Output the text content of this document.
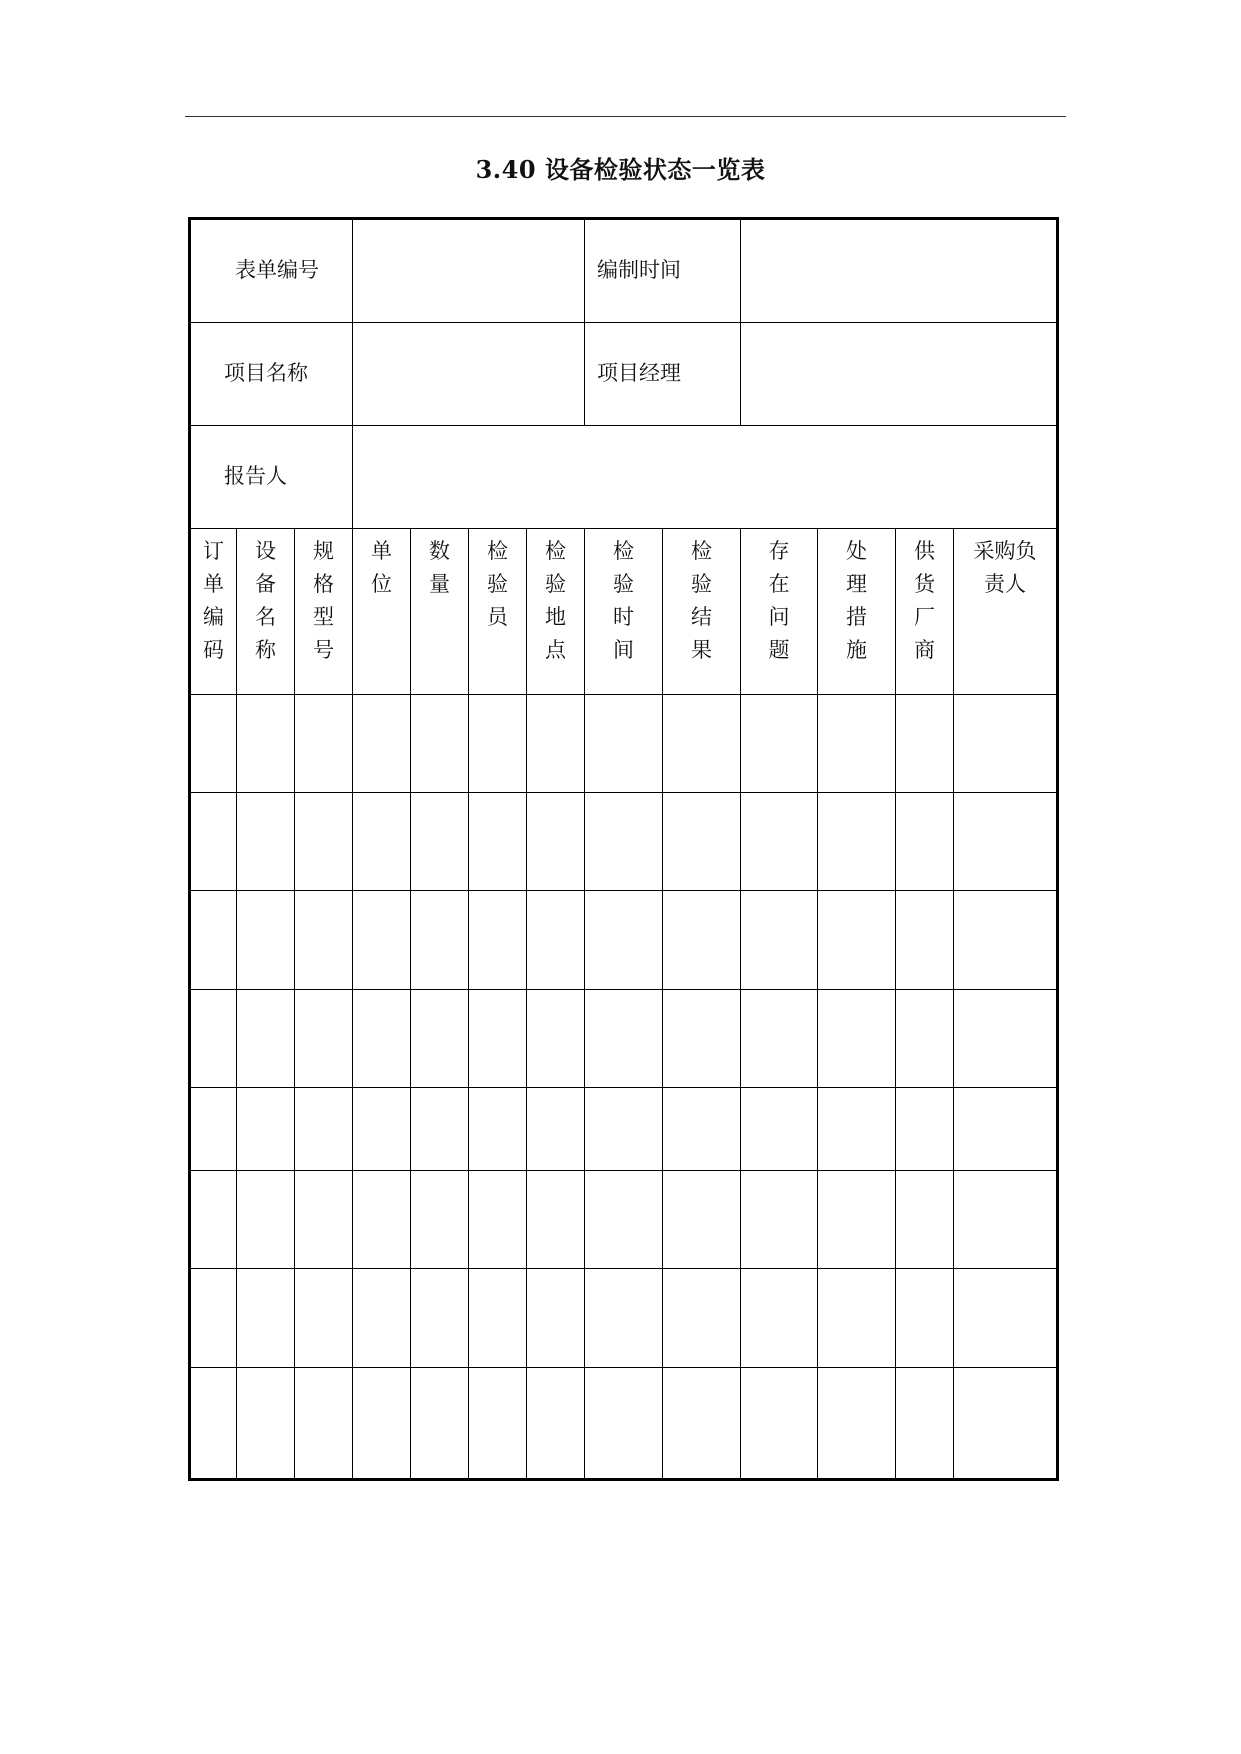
3.40 设备检验状态一览表
表单编号							编制时间					

项目名称							项目经理					

报告人												

订单编码	设备名称	规格型号	单位	数量	检验员	检验地点	检验时间	检验结果	存在问题	处理措施	供货厂商	采购负责人
